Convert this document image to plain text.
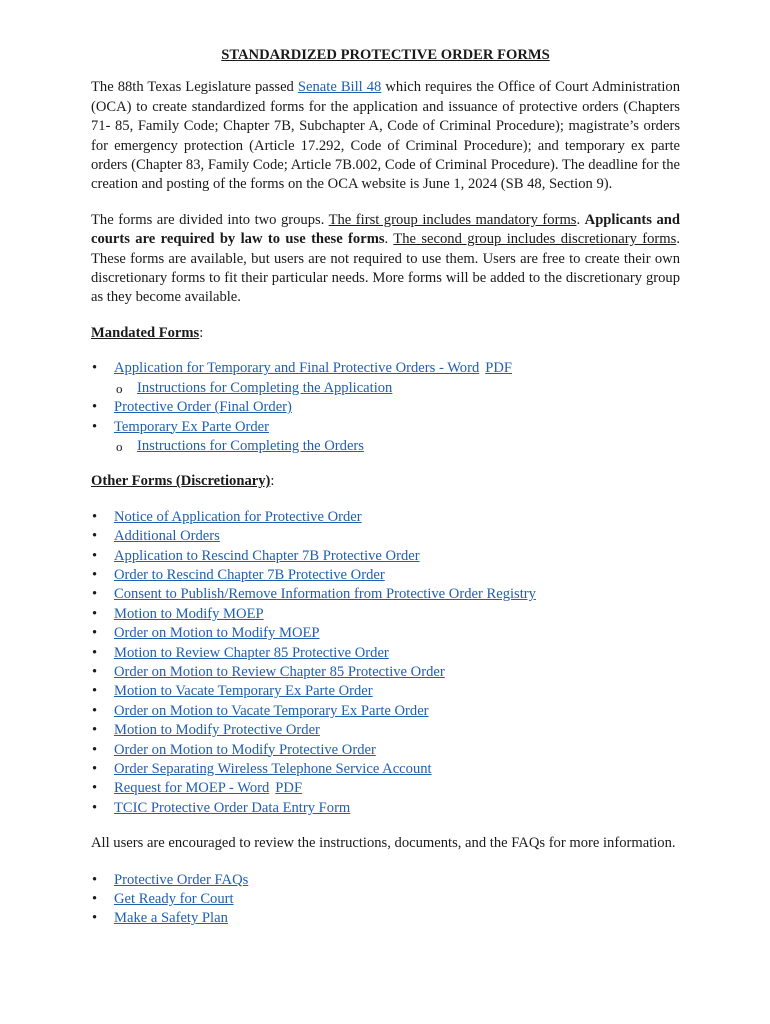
STANDARDIZED PROTECTIVE ORDER FORMS

The 88th Texas Legislature passed Senate Bill 48 which requires the Office of Court Administration (OCA) to create standardized forms for the application and issuance of protective orders (Chapters 71- 85, Family Code; Chapter 7B, Subchapter A, Code of Criminal Procedure); magistrate’s orders for emergency protection (Article 17.292, Code of Criminal Procedure); and temporary ex parte orders (Chapter 83, Family Code; Article 7B.002, Code of Criminal Procedure). The deadline for the creation and posting of the forms on the OCA website is June 1, 2024 (SB 48, Section 9).

The forms are divided into two groups. The first group includes mandatory forms. Applicants and courts are required by law to use these forms. The second group includes discretionary forms. These forms are available, but users are not required to use them. Users are free to create their own discretionary forms to fit their particular needs. More forms will be added to the discretionary group as they become available.

Mandated Forms:
• Application for Temporary and Final Protective Orders - Word PDF
o Instructions for Completing the Application
• Protective Order (Final Order)
• Temporary Ex Parte Order
o Instructions for Completing the Orders
Other Forms (Discretionary):
• Notice of Application for Protective Order
• Additional Orders
• Application to Rescind Chapter 7B Protective Order
• Order to Rescind Chapter 7B Protective Order
• Consent to Publish/Remove Information from Protective Order Registry
• Motion to Modify MOEP
• Order on Motion to Modify MOEP
• Motion to Review Chapter 85 Protective Order
• Order on Motion to Review Chapter 85 Protective Order
• Motion to Vacate Temporary Ex Parte Order
• Order on Motion to Vacate Temporary Ex Parte Order
• Motion to Modify Protective Order
• Order on Motion to Modify Protective Order
• Order Separating Wireless Telephone Service Account
• Request for MOEP - Word PDF
• TCIC Protective Order Data Entry Form

All users are encouraged to review the instructions, documents, and the FAQs for more information.

• Protective Order FAQs
• Get Ready for Court
• Make a Safety Plan
